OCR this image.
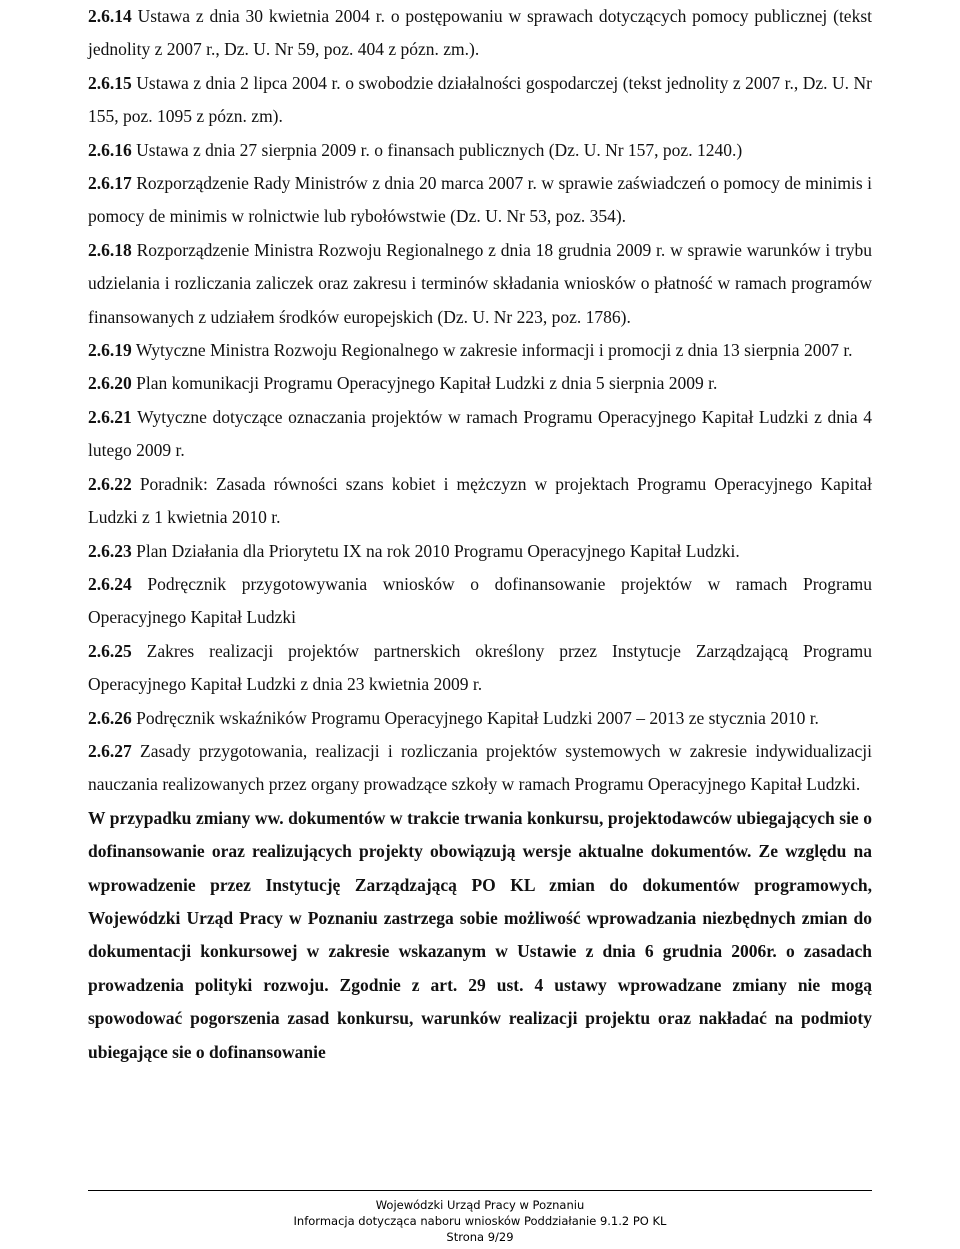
2.6.14 Ustawa z dnia 30 kwietnia 2004 r. o postępowaniu w sprawach dotyczących pomocy publicznej (tekst jednolity z 2007 r., Dz. U. Nr 59, poz. 404 z pózn. zm.).

2.6.15 Ustawa z dnia 2 lipca 2004 r. o swobodzie działalności gospodarczej (tekst jednolity z 2007 r., Dz. U. Nr 155, poz. 1095 z pózn. zm).

2.6.16 Ustawa z dnia 27 sierpnia 2009 r. o finansach publicznych (Dz. U. Nr 157, poz. 1240.)

2.6.17 Rozporządzenie Rady Ministrów z dnia 20 marca 2007 r. w sprawie zaświadczeń o pomocy de minimis i pomocy de minimis w rolnictwie lub rybołówstwie (Dz. U. Nr 53, poz. 354).

2.6.18 Rozporządzenie Ministra Rozwoju Regionalnego z dnia 18 grudnia 2009 r. w sprawie warunków i trybu udzielania i rozliczania zaliczek oraz zakresu i terminów składania wniosków o płatność w ramach programów finansowanych z udziałem środków europejskich (Dz. U. Nr 223, poz. 1786).

2.6.19 Wytyczne Ministra Rozwoju Regionalnego w zakresie informacji i promocji z dnia 13 sierpnia 2007 r.

2.6.20 Plan komunikacji Programu Operacyjnego Kapitał Ludzki z dnia 5 sierpnia 2009 r.

2.6.21 Wytyczne dotyczące oznaczania projektów w ramach Programu Operacyjnego Kapitał Ludzki z dnia 4 lutego 2009 r.

2.6.22 Poradnik: Zasada równości szans kobiet i mężczyzn w projektach Programu Operacyjnego Kapitał Ludzki z 1 kwietnia 2010 r.

2.6.23 Plan Działania dla Priorytetu IX na rok 2010 Programu Operacyjnego Kapitał Ludzki.

2.6.24 Podręcznik przygotowywania wniosków o dofinansowanie projektów w ramach Programu Operacyjnego Kapitał Ludzki

2.6.25 Zakres realizacji projektów partnerskich określony przez Instytucje Zarządzającą Programu Operacyjnego Kapitał Ludzki z dnia 23 kwietnia 2009 r.

2.6.26 Podręcznik wskaźników Programu Operacyjnego Kapitał Ludzki 2007 – 2013 ze stycznia 2010 r.

2.6.27 Zasady przygotowania, realizacji i rozliczania projektów systemowych w zakresie indywidualizacji nauczania realizowanych przez organy prowadzące szkoły w ramach Programu Operacyjnego Kapitał Ludzki.

W przypadku zmiany ww. dokumentów w trakcie trwania konkursu, projektodawców ubiegających sie o dofinansowanie oraz realizujących projekty obowiązują wersje aktualne dokumentów. Ze względu na wprowadzenie przez Instytucję Zarządzającą PO KL zmian do dokumentów programowych, Wojewódzki Urząd Pracy w Poznaniu zastrzega sobie możliwość wprowadzania niezbędnych zmian do dokumentacji konkursowej w zakresie wskazanym w Ustawie z dnia 6 grudnia 2006r. o zasadach prowadzenia polityki rozwoju. Zgodnie z art. 29 ust. 4 ustawy wprowadzane zmiany nie mogą spowodować pogorszenia zasad konkursu, warunków realizacji projektu oraz nakładać na podmioty ubiegające sie o dofinansowanie

Wojewódzki Urząd Pracy w Poznaniu
Informacja dotycząca naboru wniosków Poddziałanie 9.1.2 PO KL
Strona 9/29
